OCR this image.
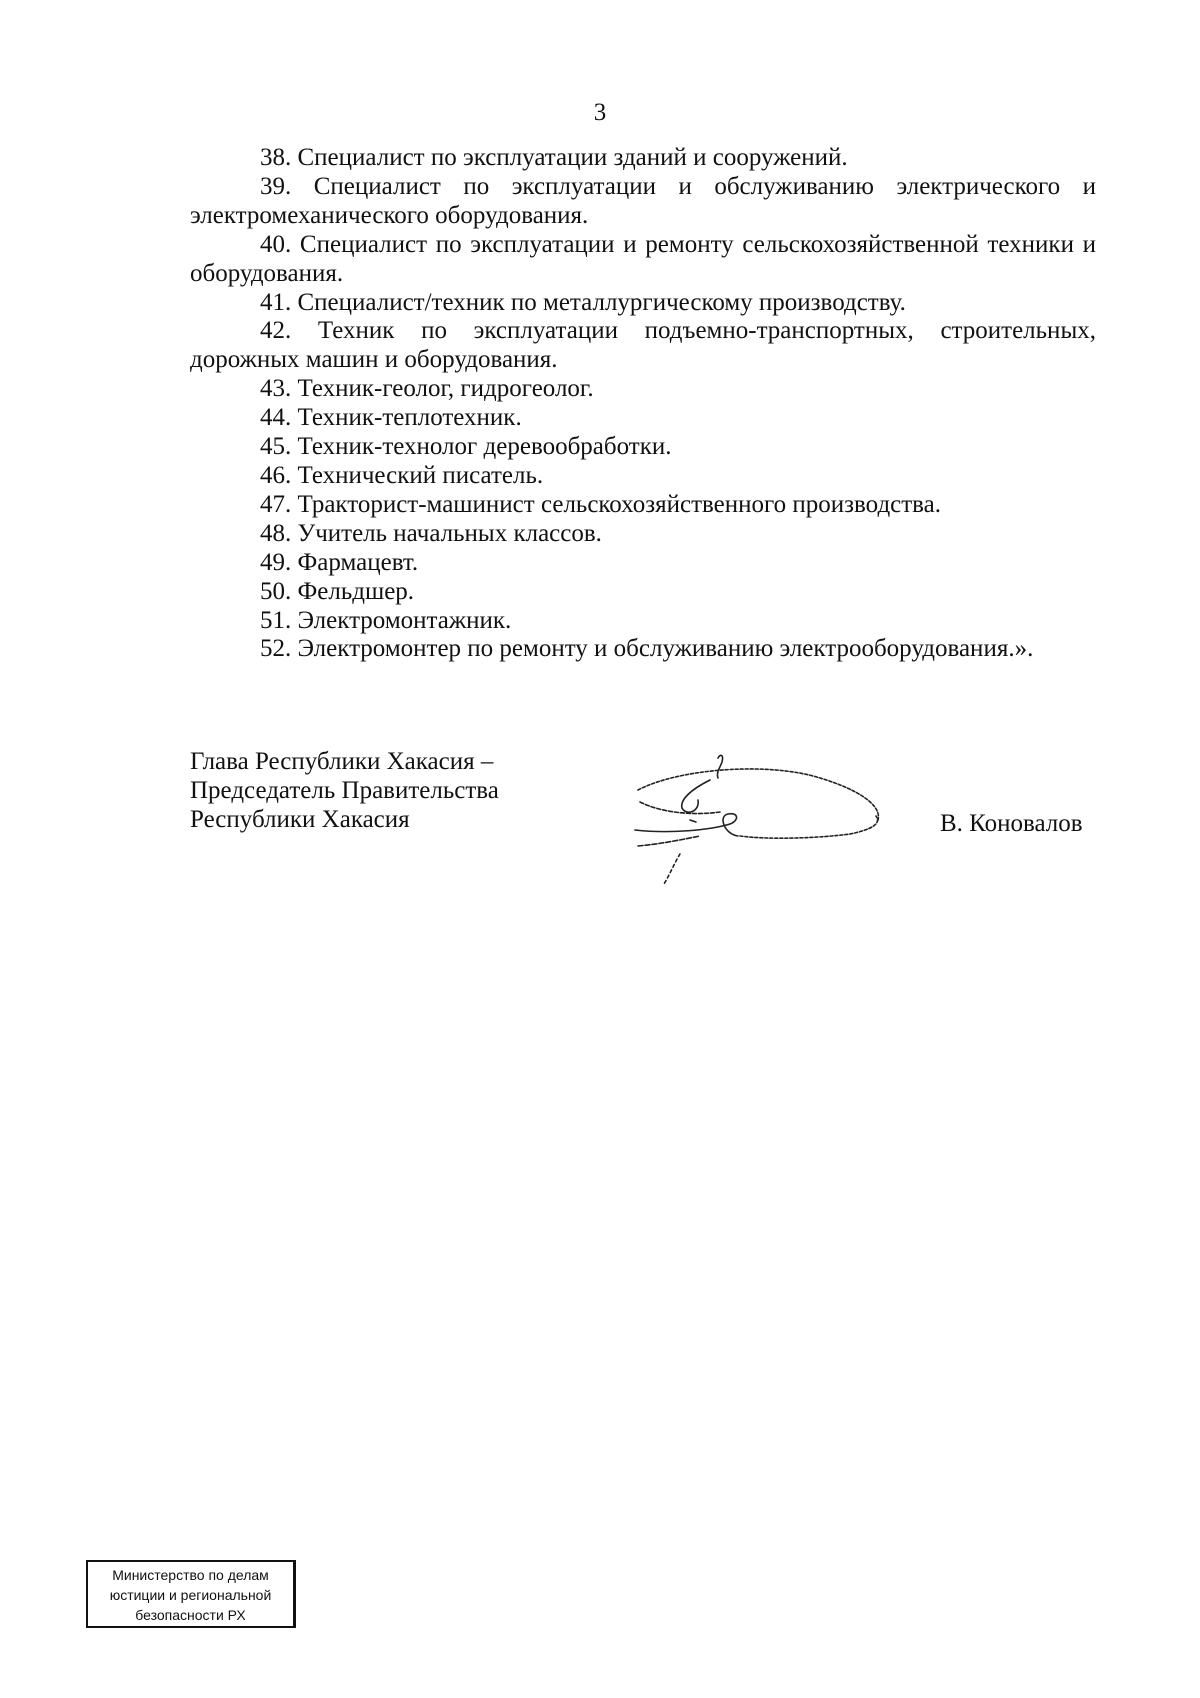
3

38. Специалист по эксплуатации зданий и сооружений.

39. Специалист по эксплуатации и обслуживанию электрического и электромеханического оборудования.

40. Специалист по эксплуатации и ремонту сельскохозяйственной техники и оборудования.

41. Специалист/техник по металлургическому производству.

42. Техник по эксплуатации подъемно-транспортных, строительных, дорожных машин и оборудования.

43. Техник-геолог, гидрогеолог.

44. Техник-теплотехник.

45. Техник-технолог деревообработки.

46. Технический писатель.

47. Тракторист-машинист сельскохозяйственного производства.

48. Учитель начальных классов.

49. Фармацевт.

50. Фельдшер.

51. Электромонтажник.

52. Электромонтер по ремонту и обслуживанию электрооборудования.».

Глава Республики Хакасия –
Председатель Правительства
Республики Хакасия	В. Коновалов
Министерство по делам
юстиции и региональной
безопасности РХ
